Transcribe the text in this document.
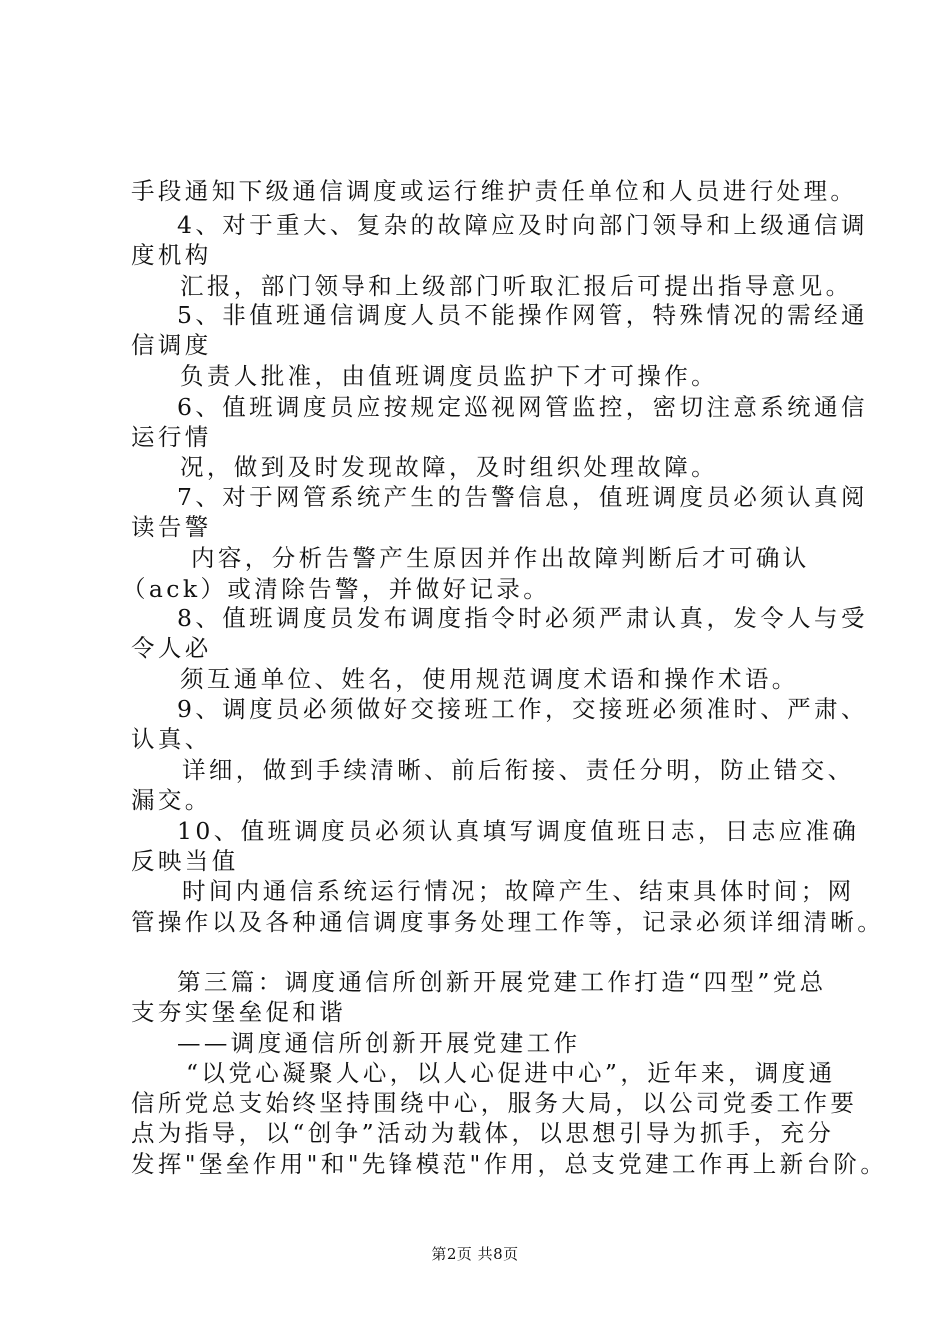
手段通知下级通信调度或运行维护责任单位和人员进行处理。
4、对于重大、复杂的故障应及时向部门领导和上级通信调
度机构
汇报，部门领导和上级部门听取汇报后可提出指导意见。
5、非值班通信调度人员不能操作网管，特殊情况的需经通
信调度
负责人批准，由值班调度员监护下才可操作。
6、值班调度员应按规定巡视网管监控，密切注意系统通信
运行情
况，做到及时发现故障，及时组织处理故障。
7、对于网管系统产生的告警信息，值班调度员必须认真阅
读告警
内容，分析告警产生原因并作出故障判断后才可确认
（ack）或清除告警，并做好记录。
8、值班调度员发布调度指令时必须严肃认真，发令人与受
令人必
须互通单位、姓名，使用规范调度术语和操作术语。
9、调度员必须做好交接班工作，交接班必须准时、严肃、
认真、
详细，做到手续清晰、前后衔接、责任分明，防止错交、
漏交。
10、值班调度员必须认真填写调度值班日志，日志应准确
反映当值
时间内通信系统运行情况；故障产生、结束具体时间；网
管操作以及各种通信调度事务处理工作等，记录必须详细清晰。
第三篇：调度通信所创新开展党建工作打造“四型”党总
支夯实堡垒促和谐
——调度通信所创新开展党建工作
“以党心凝聚人心，以人心促进中心”，近年来，调度通
信所党总支始终坚持围绕中心，服务大局，以公司党委工作要
点为指导，以“创争”活动为载体，以思想引导为抓手，充分
发挥"堡垒作用"和"先锋模范"作用，总支党建工作再上新台阶。
第2页 共8页
